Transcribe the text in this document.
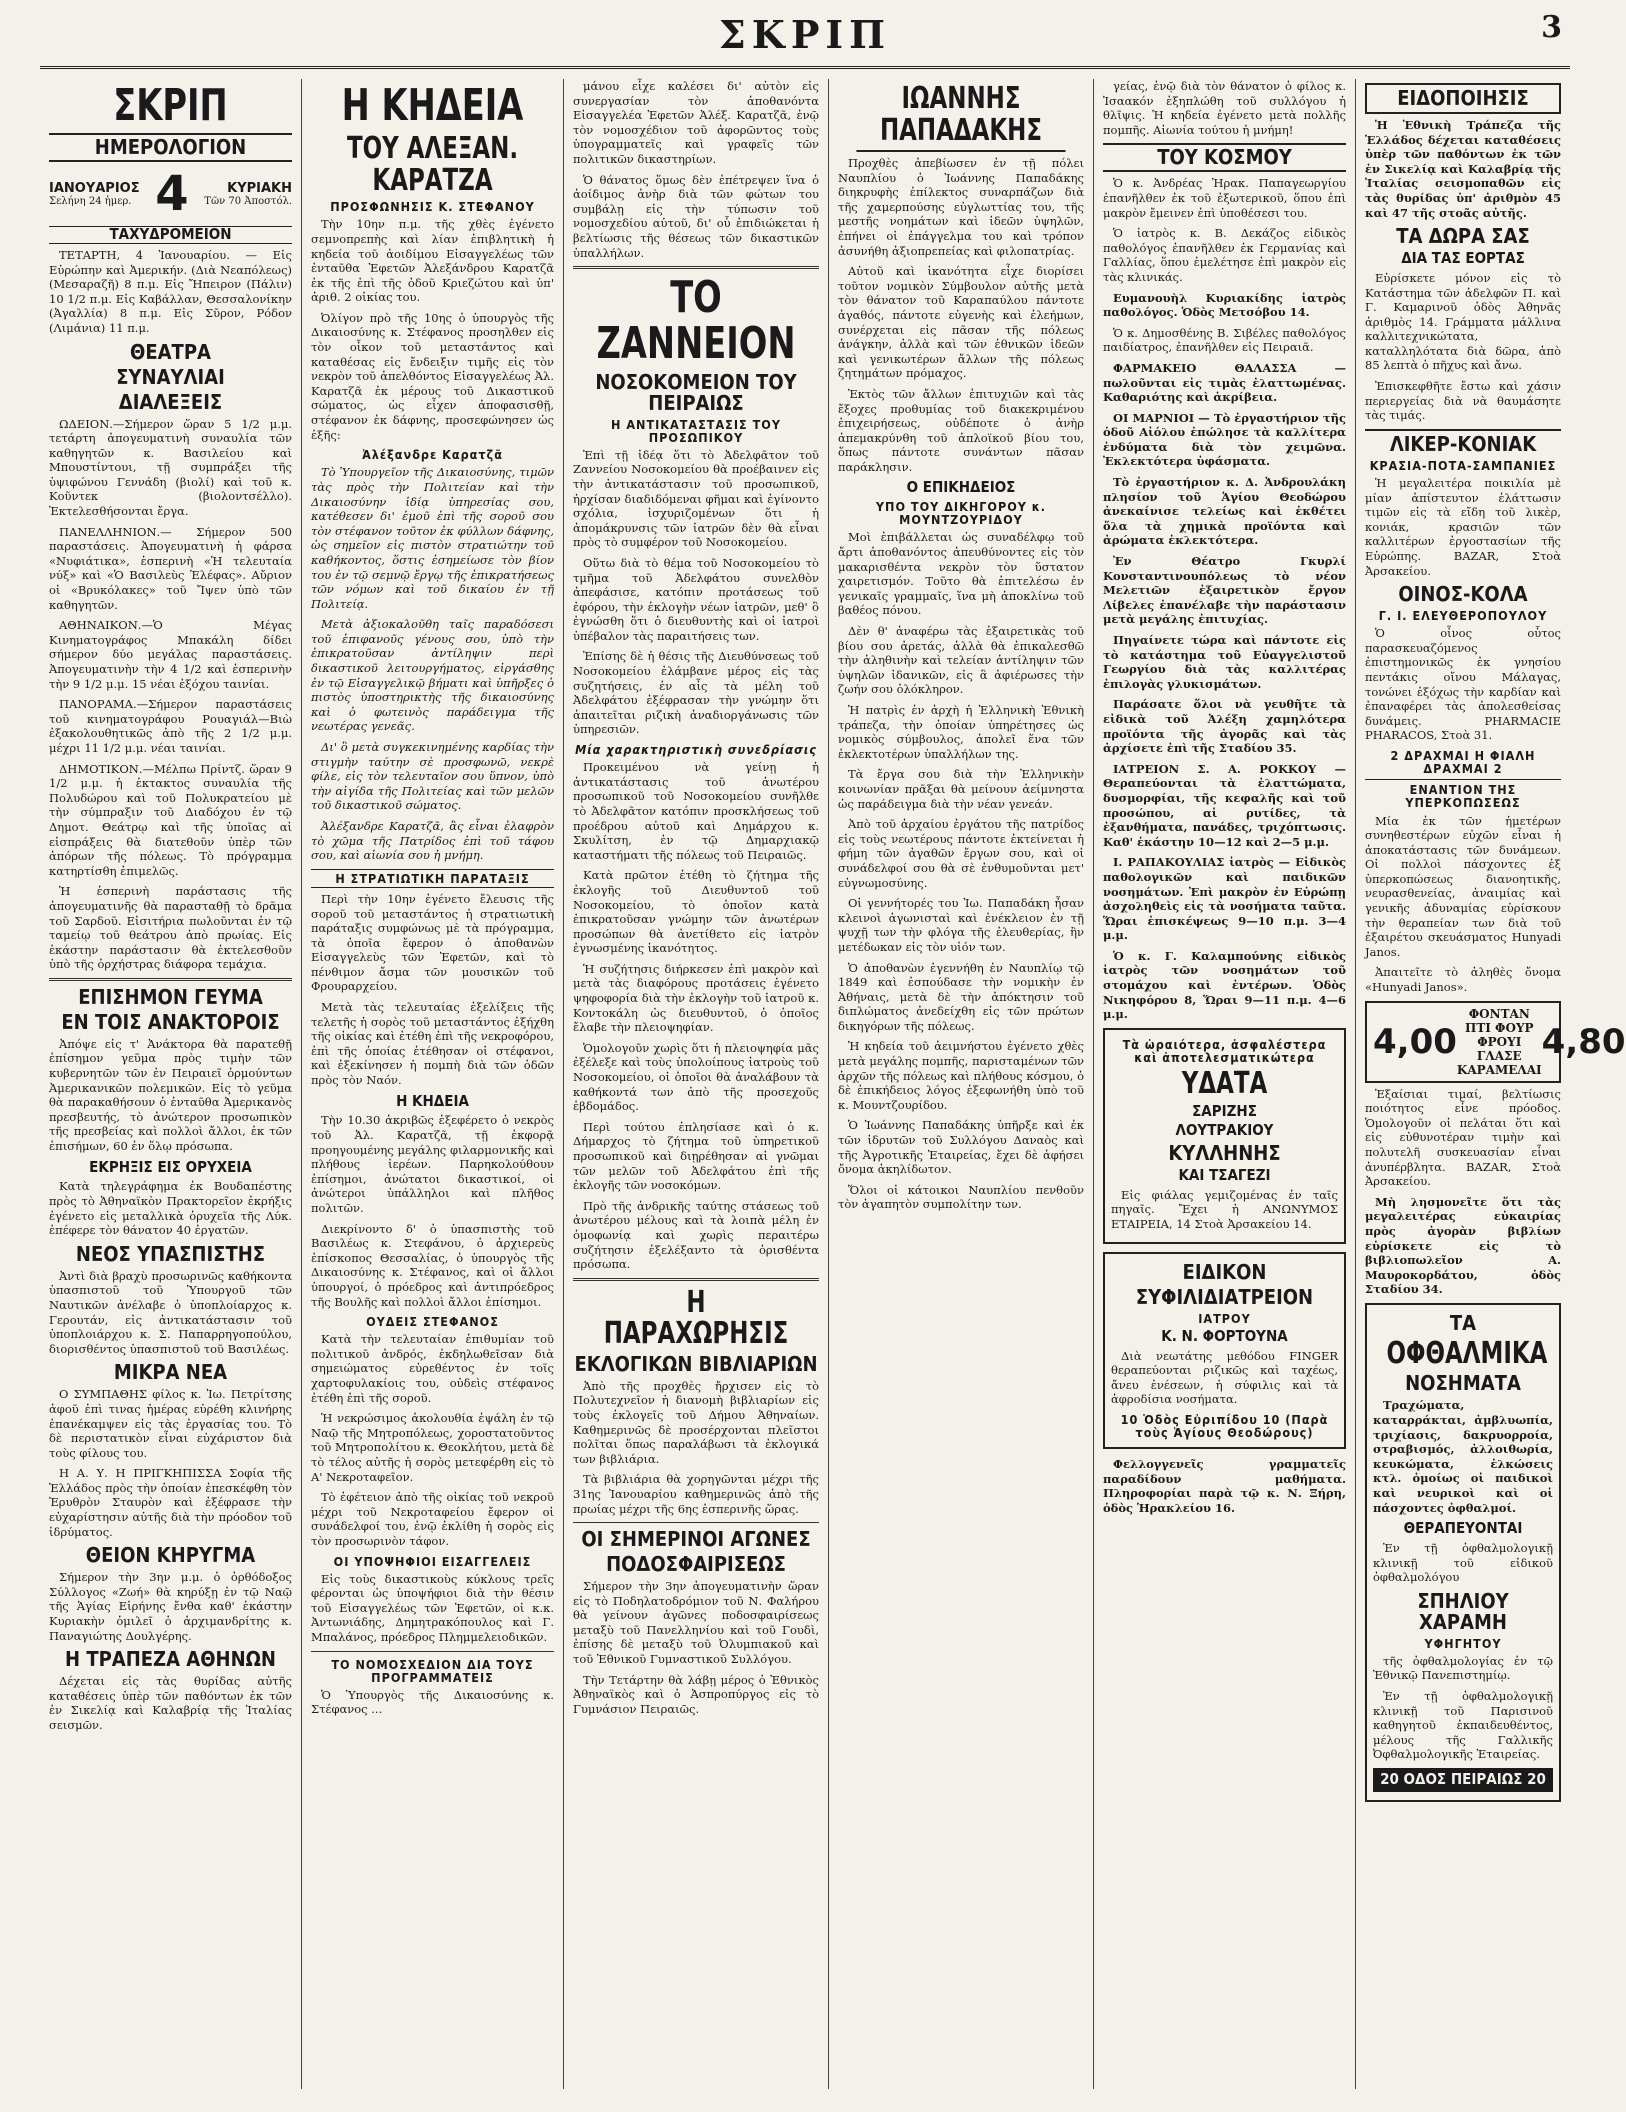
ΣΚΡΙΠ	3
ΣΚΡΙΠ
ΗΜΕΡΟΛΟΓΙΟΝ
ΙΑΝΟΥΑΡΙΟΣ
Σελήνη 24 ἡμερ. 4	ΚΥΡΙΑΚΗ
Τῶν 70 Ἀποστόλ.
ΤΑΧΥΔΡΟΜΕΙΟΝ

ΤΕΤΑΡΤΗ, 4 Ἰανουαρίου. — Εἰς Εὐρώπην καὶ Ἀμερικήν. (Διὰ Νεαπόλεως) (Μεσαραζῆ) 8 π.μ. Εἰς Ἤπειρον (Πάλιν) 10 1/2 π.μ. Εἰς Καβάλλαν, Θεσσαλονίκην (Ἀγαλλία) 8 π.μ. Εἰς Σῦρον, Ρόδον (Λιμάνια) 11 π.μ.

ΘΕΑΤΡΑ
ΣΥΝΑΥΛΙΑΙ
ΔΙΑΛΕΞΕΙΣ

ΩΔΕΙΟΝ.—Σήμερον ὥραν 5 1/2 μ.μ. τετάρτη ἀπογευματινὴ συναυλία τῶν καθηγητῶν κ. Βασιλείου καὶ Μπουστίντουι, τῇ συμπράξει τῆς ὑψιφώνου Γεννάδη (βιολί) καὶ τοῦ κ. Κοῦντεκ (βιολοντσέλλο). Ἐκτελεσθήσονται ἔργα.

ΠΑΝΕΛΛΗΝΙΟΝ.— Σήμερον 500 παραστάσεις. Ἀπογευματινὴ ἡ φάρσα «Νυφιάτικα», ἑσπερινὴ «Ἡ τελευταία νύξ» καὶ «Ὁ Βασιλεὺς Ἐλέφας». Αὔριον οἱ «Βρυκόλακες» τοῦ Ἴψεν ὑπὸ τῶν καθηγητῶν.

ΑΘΗΝΑΙΚΟΝ.—Ὁ Μέγας Κινηματογράφος Μπακάλη δίδει σήμερον δύο μεγάλας παραστάσεις. Ἀπογευματινὴν τὴν 4 1/2 καὶ ἑσπερινὴν τὴν 9 1/2 μ.μ. 15 νέαι ἐξόχου ταινίαι.

ΠΑΝΟΡΑΜΑ.—Σήμερον παραστάσεις τοῦ κινηματογράφου Ρουαγιάλ—Βιὼ ἐξακολουθητικῶς ἀπὸ τῆς 2 1/2 μ.μ. μέχρι 11 1/2 μ.μ. νέαι ταινίαι.

ΔΗΜΟΤΙΚΟΝ.—Μέλπω Πρίντζ. ὥραν 9 1/2 μ.μ. ἡ ἐκτακτος συναυλία τῆς Πολυδώρου καὶ τοῦ Πολυκρατείου μὲ τὴν σύμπραξιν τοῦ Διαδόχου ἐν τῷ Δημοτ. Θεάτρῳ καὶ τῆς ὑποῖας αἱ εἰσπράξεις θὰ διατεθοῦν ὑπὲρ τῶν ἀπόρων τῆς πόλεως. Τὸ πρόγραμμα κατηρτίσθη ἐπιμελῶς.

Ἡ ἑσπερινὴ παράστασις τῆς ἀπογευματινῆς θὰ παρασταθῇ τὸ δρᾶμα τοῦ Σαρδοῦ. Εἰσιτήρια πωλοῦνται ἐν τῷ ταμείῳ τοῦ θεάτρου ἀπὸ πρωίας. Εἰς ἑκάστην παράστασιν θὰ ἐκτελεσθοῦν ὑπὸ τῆς ὀρχήστρας διάφορα τεμάχια.

ΕΠΙΣΗΜΟΝ ΓΕΥΜΑ
ΕΝ ΤΟΙΣ ΑΝΑΚΤΟΡΟΙΣ

Ἀπόψε εἰς τ' Ἀνάκτορα θὰ παρατεθῇ ἐπίσημον γεῦμα πρὸς τιμὴν τῶν κυβερνητῶν τῶν ἐν Πειραιεῖ ὁρμούντων Ἀμερικανικῶν πολεμικῶν. Εἰς τὸ γεῦμα θὰ παρακαθήσουν ὁ ἐνταῦθα Ἀμερικανὸς πρεσβευτής, τὸ ἀνώτερον προσωπικὸν τῆς πρεσβείας καὶ πολλοὶ ἄλλοι, ἐκ τῶν ἐπισήμων, 60 ἐν ὅλῳ πρόσωπα.

ΕΚΡΗΞΙΣ ΕΙΣ ΟΡΥΧΕΙΑ

Κατὰ τηλεγράφημα ἐκ Βουδαπέστης πρὸς τὸ Ἀθηναϊκὸν Πρακτορεῖον ἐκρήξις ἐγένετο εἰς μεταλλικὰ ὀρυχεῖα τῆς Λύκ. ἐπέφερε τὸν θάνατον 40 ἐργατῶν.

ΝΕΟΣ ΥΠΑΣΠΙΣΤΗΣ

Ἀντὶ διὰ βραχὺ προσωρινῶς καθήκοντα ὑπασπιστοῦ τοῦ Ὑπουργοῦ τῶν Ναυτικῶν ἀνέλαβε ὁ ὑποπλοίαρχος κ. Γερουτάν, εἰς ἀντικατάστασιν τοῦ ὑποπλοιάρχου κ. Σ. Παπαρρηγοπούλου, διορισθέντος ὑπασπιστοῦ τοῦ Βασιλέως.

ΜΙΚΡΑ ΝΕΑ

Ο ΣΥΜΠΑΘΗΣ φίλος κ. Ἰω. Πετρίτσης ἀφοῦ ἐπὶ τινας ἡμέρας εὑρέθη κλινήρης ἐπανέκαμψεν εἰς τὰς ἐργασίας του. Τὸ δὲ περιστατικὸν εἶναι εὐχάριστον διὰ τοὺς φίλους του.

Η Α. Υ. Η ΠΡΙΓΚΗΠΙΣΣΑ Σοφία τῆς Ἑλλάδος πρὸς τὴν ὁποίαν ἐπεσκέφθη τὸν Ἐρυθρὸν Σταυρὸν καὶ ἐξέφρασε τὴν εὐχαρίστησιν αὐτῆς διὰ τὴν πρόοδον τοῦ ἱδρύματος.

ΘΕΙΟΝ ΚΗΡΥΓΜΑ

Σήμερον τὴν 3ην μ.μ. ὁ ὀρθόδοξος Σύλλογος «Ζωή» θὰ κηρύξῃ ἐν τῷ Ναῷ τῆς Ἁγίας Εἰρήνης ἔνθα καθ' ἑκάστην Κυριακὴν ὁμιλεῖ ὁ ἀρχιμανδρίτης κ. Παναγιώτης Δουλγέρης.

Η ΤΡΑΠΕΖΑ ΑΘΗΝΩΝ

Δέχεται εἰς τὰς θυρίδας αὐτῆς καταθέσεις ὑπὲρ τῶν παθόντων ἐκ τῶν ἐν Σικελίᾳ καὶ Καλαβρίᾳ τῆς Ἰταλίας σεισμῶν.

Η ΚΗΔΕΙΑ
ΤΟΥ ΑΛΕΞΑΝ. ΚΑΡΑΤΖΑ
ΠΡΟΣΦΩΝΗΣΙΣ Κ. ΣΤΕΦΑΝΟΥ

Τὴν 10ην π.μ. τῆς χθὲς ἐγένετο σεμνοπρεπὴς καὶ λίαν ἐπιβλητικὴ ἡ κηδεία τοῦ ἀοιδίμου Εἰσαγγελέως τῶν ἐνταῦθα Ἐφετῶν Ἀλεξάνδρου Καρατζᾶ ἐκ τῆς ἐπὶ τῆς ὁδοῦ Κριεζώτου καὶ ὑπ' ἀριθ. 2 οἰκίας του.

Ὀλίγον πρὸ τῆς 10ης ὁ ὑπουργὸς τῆς Δικαιοσύνης κ. Στέφανος προσηλθεν εἰς τὸν οἶκον τοῦ μεταστάντος καὶ καταθέσας εἰς ἔνδειξιν τιμῆς εἰς τὸν νεκρὸν τοῦ ἀπελθόντος Εἰσαγγελέως Ἀλ. Καρατζᾶ ἐκ μέρους τοῦ Δικαστικοῦ σώματος, ὡς εἶχεν ἀποφασισθῇ, στέφανον ἐκ δάφνης, προσεφώνησεν ὡς ἑξῆς:

Ἀλέξανδρε Καρατζᾶ

Τὸ Ὑπουργεῖον τῆς Δικαιοσύνης, τιμῶν τὰς πρὸς τὴν Πολιτείαν καὶ τὴν Δικαιοσύνην ἰδίᾳ ὑπηρεσίας σου, κατέθεσεν δι' ἐμοῦ ἐπὶ τῆς σοροῦ σου τὸν στέφανον τοῦτον ἐκ φύλλων δάφνης, ὡς σημεῖον εἰς πιστὸν στρατιώτην τοῦ καθήκοντος, ὅστις ἐσημείωσε τὸν βίον του ἐν τῷ σεμνῷ ἔργῳ τῆς ἐπικρατήσεως τῶν νόμων καὶ τοῦ δικαίου ἐν τῇ Πολιτείᾳ.

Μετὰ ἀξιοκαλοῦθη ταῖς παραδόσεσι τοῦ ἐπιφανοῦς γένους σου, ὑπὸ τὴν ἐπικρατοῦσαν ἀντίληψιν περὶ δικαστικοῦ λειτουργήματος, εἰργάσθης ἐν τῷ Εἰσαγγελικῷ βήματι καὶ ὑπῆρξες ὁ πιστὸς ὑποστηρικτὴς τῆς δικαιοσύνης καὶ ὁ φωτεινὸς παράδειγμα τῆς νεωτέρας γενεᾶς.

Δι' ὃ μετὰ συγκεκινημένης καρδίας τὴν στιγμὴν ταύτην σὲ προσφωνῶ, νεκρὲ φίλε, εἰς τὸν τελευταῖον σου ὕπνον, ὑπὸ τὴν αἰγίδα τῆς Πολιτείας καὶ τῶν μελῶν τοῦ δικαστικοῦ σώματος.

Ἀλέξανδρε Καρατζᾶ, ἂς εἶναι ἐλαφρὸν τὸ χῶμα τῆς Πατρίδος ἐπὶ τοῦ τάφου σου, καὶ αἰωνία σου ἡ μνήμη.

Η ΣΤΡΑΤΙΩΤΙΚΗ ΠΑΡΑΤΑΞΙΣ

Περὶ τὴν 10ην ἐγένετο ἔλευσις τῆς σοροῦ τοῦ μεταστάντος ἡ στρατιωτικὴ παράταξις συμφώνως μὲ τὰ πρόγραμμα, τὰ ὁποῖα ἔφερον ὁ ἀποθανὼν Εἰσαγγελεὺς τῶν Ἐφετῶν, καὶ τὸ πένθιμον ἄσμα τῶν μουσικῶν τοῦ Φρουραρχείου.

Μετὰ τὰς τελευταίας ἐξελίξεις τῆς τελετῆς ἡ σορὸς τοῦ μεταστάντος ἐξήχθη τῆς οἰκίας καὶ ἐτέθη ἐπὶ τῆς νεκροφόρου, ἐπὶ τῆς ὁποίας ἐτέθησαν οἱ στέφανοι, καὶ ἐξεκίνησεν ἡ πομπὴ διὰ τῶν ὁδῶν πρὸς τὸν Ναόν.

Η ΚΗΔΕΙΑ

Τὴν 10.30 ἀκριβῶς ἐξεφέρετο ὁ νεκρὸς τοῦ Ἀλ. Καρατζᾶ, τῇ ἐκφορᾷ προηγουμένης μεγάλης φιλαρμονικῆς καὶ πλήθους ἱερέων. Παρηκολούθουν ἐπίσημοι, ἀνώτατοι δικαστικοί, οἱ ἀνώτεροι ὑπάλληλοι καὶ πλῆθος πολιτῶν.

Διεκρίνοντο δ' ὁ ὑπασπιστὴς τοῦ Βασιλέως κ. Στεφάνου, ὁ ἀρχιερεὺς ἐπίσκοπος Θεσσαλίας, ὁ ὑπουργὸς τῆς Δικαιοσύνης κ. Στέφανος, καὶ οἱ ἄλλοι ὑπουργοί, ὁ πρόεδρος καὶ ἀντιπρόεδρος τῆς Βουλῆς καὶ πολλοὶ ἄλλοι ἐπίσημοι.

ΟΥΔΕΙΣ ΣΤΕΦΑΝΟΣ

Κατὰ τὴν τελευταίαν ἐπιθυμίαν τοῦ πολιτικοῦ ἀνδρός, ἐκδηλωθεῖσαν διὰ σημειώματος εὑρεθέντος ἐν τοῖς χαρτοφυλακίοις του, οὐδεὶς στέφανος ἐτέθη ἐπὶ τῆς σοροῦ.

Ἡ νεκρώσιμος ἀκολουθία ἐψάλη ἐν τῷ Ναῷ τῆς Μητροπόλεως, χοροστατοῦντος τοῦ Μητροπολίτου κ. Θεοκλήτου, μετὰ δὲ τὸ τέλος αὐτῆς ἡ σορὸς μετεφέρθη εἰς τὸ Α' Νεκροταφεῖον.

Τὸ ἐφέτειον ἀπὸ τῆς οἰκίας τοῦ νεκροῦ μέχρι τοῦ Νεκροταφείου ἔφερον οἱ συνάδελφοί του, ἐνῷ ἐκλίθη ἡ σορὸς εἰς τὸν προσωρινὸν τάφον.

ΟΙ ΥΠΟΨΗΦΙΟΙ ΕΙΣΑΓΓΕΛΕΙΣ

Εἰς τοὺς δικαστικοὺς κύκλους τρεῖς φέρονται ὡς ὑποψήφιοι διὰ τὴν θέσιν τοῦ Εἰσαγγελέως τῶν Ἐφετῶν, οἱ κ.κ. Ἀντωνιάδης, Δημητρακόπουλος καὶ Γ. Μπαλάνος, πρόεδρος Πλημμελειοδικῶν.

ΤΟ ΝΟΜΟΣΧΕΔΙΟΝ ΔΙΑ ΤΟΥΣ ΠΡΟΓΡΑΜΜΑΤΕΙΣ

Ὁ Ὑπουργὸς τῆς Δικαιοσύνης κ. Στέφανος ...

μάνου εἶχε καλέσει δι' αὐτὸν εἰς συνεργασίαν τὸν ἀποθανόντα Εἰσαγγελέα Ἐφετῶν Ἀλέξ. Καρατζᾶ, ἐνῷ τὸν νομοσχέδιον τοῦ ἀφορῶντος τοὺς ὑπογραμματεῖς καὶ γραφεῖς τῶν πολιτικῶν δικαστηρίων.

Ὁ θάνατος ὅμως δὲν ἐπέτρεψεν ἵνα ὁ ἀοίδιμος ἀνὴρ διὰ τῶν φώτων του συμβάλῃ εἰς τὴν τύπωσιν τοῦ νομοσχεδίου αὐτοῦ, δι' οὗ ἐπιδιώκεται ἡ βελτίωσις τῆς θέσεως τῶν δικαστικῶν ὑπαλλήλων.

ΤΟ ΖΑΝΝΕΙΟΝ
ΝΟΣΟΚΟΜΕΙΟΝ ΤΟΥ ΠΕΙΡΑΙΩΣ
Η ΑΝΤΙΚΑΤΑΣΤΑΣΙΣ ΤΟΥ ΠΡΟΣΩΠΙΚΟΥ

Ἐπὶ τῇ ἰδέᾳ ὅτι τὸ Ἀδελφᾶτον τοῦ Ζαννείου Νοσοκομείου θὰ προέβαινεν εἰς τὴν ἀντικατάστασιν τοῦ προσωπικοῦ, ἠρχίσαν διαδιδόμεναι φῆμαι καὶ ἐγίνοντο σχόλια, ἰσχυριζομένων ὅτι ἡ ἀπομάκρυνσις τῶν ἰατρῶν δὲν θὰ εἶναι πρὸς τὸ συμφέρον τοῦ Νοσοκομείου.

Οὕτω διὰ τὸ θέμα τοῦ Νοσοκομείου τὸ τμῆμα τοῦ Ἀδελφάτου συνελθὸν ἀπεφάσισε, κατόπιν προτάσεως τοῦ ἐφόρου, τὴν ἐκλογὴν νέων ἰατρῶν, μεθ' ὃ ἐγνώσθη ὅτι ὁ διευθυντὴς καὶ οἱ ἰατροὶ ὑπέβαλον τὰς παραιτήσεις των.

Ἐπίσης δὲ ἡ θέσις τῆς Διευθύνσεως τοῦ Νοσοκομείου ἐλάμβανε μέρος εἰς τὰς συζητήσεις, ἐν αἷς τὰ μέλη τοῦ Ἀδελφάτου ἐξέφρασαν τὴν γνώμην ὅτι ἀπαιτεῖται ριζικὴ ἀναδιοργάνωσις τῶν ὑπηρεσιῶν.

Μία χαρακτηριστικὴ συνεδρίασις

Προκειμένου νὰ γείνῃ ἡ ἀντικατάστασις τοῦ ἀνωτέρου προσωπικοῦ τοῦ Νοσοκομείου συνῆλθε τὸ Ἀδελφᾶτον κατόπιν προσκλήσεως τοῦ προέδρου αὐτοῦ καὶ Δημάρχου κ. Σκυλίτση, ἐν τῷ Δημαρχιακῷ καταστήματι τῆς πόλεως τοῦ Πειραιῶς.

Κατὰ πρῶτον ἐτέθη τὸ ζήτημα τῆς ἐκλογῆς τοῦ Διευθυντοῦ τοῦ Νοσοκομείου, τὸ ὁποῖον κατὰ ἐπικρατοῦσαν γνώμην τῶν ἀνωτέρων προσώπων θὰ ἀνετίθετο εἰς ἰατρὸν ἐγνωσμένης ἱκανότητος.

Ἡ συζήτησις διήρκεσεν ἐπὶ μακρὸν καὶ μετὰ τὰς διαφόρους προτάσεις ἐγένετο ψηφοφορία διὰ τὴν ἐκλογὴν τοῦ ἰατροῦ κ. Κοντοκάλη ὡς διευθυντοῦ, ὁ ὁποῖος ἔλαβε τὴν πλειοψηφίαν.

Ὁμολογοῦν χωρὶς ὅτι ἡ πλειοψηφία μᾶς ἐξέλεξε καὶ τοὺς ὑπολοίπους ἰατροὺς τοῦ Νοσοκομείου, οἱ ὁποῖοι θὰ ἀναλάβουν τὰ καθήκοντά των ἀπὸ τῆς προσεχοῦς ἑβδομάδος.

Περὶ τούτου ἐπλησίασε καὶ ὁ κ. Δήμαρχος τὸ ζήτημα τοῦ ὑπηρετικοῦ προσωπικοῦ καὶ διῃρέθησαν αἱ γνῶμαι τῶν μελῶν τοῦ Ἀδελφάτου ἐπὶ τῆς ἐκλογῆς τῶν νοσοκόμων.

Πρὸ τῆς ἀνδρικῆς ταύτης στάσεως τοῦ ἀνωτέρου μέλους καὶ τὰ λοιπὰ μέλη ἐν ὁμοφωνίᾳ καὶ χωρὶς περαιτέρω συζήτησιν ἐξελέξαντο τὰ ὁρισθέντα πρόσωπα.

Η ΠΑΡΑΧΩΡΗΣΙΣ
ΕΚΛΟΓΙΚΩΝ ΒΙΒΛΙΑΡΙΩΝ

Ἀπὸ τῆς προχθὲς ἤρχισεν εἰς τὸ Πολυτεχνεῖον ἡ διανομὴ βιβλιαρίων εἰς τοὺς ἐκλογεῖς τοῦ Δήμου Ἀθηναίων. Καθημερινῶς δὲ προσέρχονται πλεῖστοι πολῖται ὅπως παραλάβωσι τὰ ἐκλογικά των βιβλιάρια.

Τὰ βιβλιάρια θὰ χορηγῶνται μέχρι τῆς 31ης Ἰανουαρίου καθημερινῶς ἀπὸ τῆς πρωίας μέχρι τῆς 6ης ἑσπερινῆς ὥρας.

ΟΙ ΣΗΜΕΡΙΝΟΙ ΑΓΩΝΕΣ
ΠΟΔΟΣΦΑΙΡΙΣΕΩΣ

Σήμερον τὴν 3ην ἀπογευματινὴν ὥραν εἰς τὸ Ποδηλατοδρόμιον τοῦ Ν. Φαλήρου θὰ γείνουν ἀγῶνες ποδοσφαιρίσεως μεταξὺ τοῦ Πανελληνίου καὶ τοῦ Γουδὶ, ἐπίσης δὲ μεταξὺ τοῦ Ὀλυμπιακοῦ καὶ τοῦ Ἐθνικοῦ Γυμναστικοῦ Συλλόγου.

Τὴν Τετάρτην θὰ λάβῃ μέρος ὁ Ἐθνικὸς Ἀθηναϊκὸς καὶ ὁ Ἀσπροπύργος εἰς τὸ Γυμνάσιον Πειραιῶς.

ΙΩΑΝΝΗΣ ΠΑΠΑΔΑΚΗΣ

Προχθὲς ἀπεβίωσεν ἐν τῇ πόλει Ναυπλίου ὁ Ἰωάννης Παπαδάκης διηκρυφὴς ἐπίλεκτος συναρπάζων διὰ τῆς χαμερπούσης εὐγλωττίας του, τῆς μεστῆς νοημάτων καὶ ἰδεῶν ὑψηλῶν, ἐπήνει οἱ ἐπάγγελμα του καὶ τρόπον ἀσυνήθη ἀξιοπρεπείας καὶ φιλοπατρίας.

Αὐτοῦ καὶ ἱκανότητα εἶχε διορίσει τοῦτον νομικὸν Σύμβουλον αὐτῆς μετὰ τὸν θάνατον τοῦ Καραπαύλου πάντοτε ἀγαθός, πάντοτε εὐγενὴς καὶ ἐλεήμων, συνέρχεται εἰς πᾶσαν τῆς πόλεως ἀνάγκην, ἀλλὰ καὶ τῶν ἐθνικῶν ἰδεῶν καὶ γενικωτέρων ἄλλων τῆς πόλεως ζητημάτων πρόμαχος.

Ἐκτὸς τῶν ἄλλων ἐπιτυχιῶν καὶ τὰς ἔξοχες προθυμίας τοῦ διακεκριμένου ἐπιχειρήσεως, οὐδέποτε ὁ ἀνὴρ ἀπεμακρύνθη τοῦ ἀπλοϊκοῦ βίου του, ὅπως πάντοτε συνάντων πᾶσαν παράκλησιν.

Ο ΕΠΙΚΗΔΕΙΟΣ
ΥΠΟ ΤΟΥ ΔΙΚΗΓΟΡΟΥ κ. ΜΟΥΝΤΖΟΥΡΙΔΟΥ

Μοὶ ἐπιβάλλεται ὡς συναδέλφῳ τοῦ ἄρτι ἀποθανόντος ἀπευθύνοντες εἰς τὸν μακαρισθέντα νεκρὸν τὸν ὕστατον χαιρετισμόν. Τοῦτο θὰ ἐπιτελέσω ἐν γενικαῖς γραμμαῖς, ἵνα μὴ ἀποκλίνω τοῦ βαθέος πόνου.

Δὲν θ' ἀναφέρω τὰς ἐξαιρετικὰς τοῦ βίου σου ἀρετάς, ἀλλὰ θὰ ἐπικαλεσθῶ τὴν ἀληθινὴν καὶ τελείαν ἀντίληψιν τῶν ὑψηλῶν ἰδανικῶν, εἰς ἃ ἀφιέρωσες τὴν ζωήν σου ὁλόκληρον.

Ἡ πατρὶς ἐν ἀρχὴ ἡ Ἑλληνικὴ Ἐθνικὴ τράπεζα, τὴν ὁποίαν ὑπηρέτησες ὡς νομικὸς σύμβουλος, ἀπολεῖ ἕνα τῶν ἐκλεκτοτέρων ὑπαλλήλων της.

Τὰ ἔργα σου διὰ τὴν Ἐλληνικὴν κοινωνίαν πρᾶξαι θὰ μείνουν ἀείμνηστα ὡς παράδειγμα διὰ τὴν νέαν γενεάν.

Ἀπὸ τοῦ ἀρχαίου ἐργάτου τῆς πατρίδος εἰς τοὺς νεωτέρους πάντοτε ἐκτείνεται ἡ φήμη τῶν ἀγαθῶν ἔργων σου, καὶ οἱ συνάδελφοί σου θὰ σὲ ἐνθυμοῦνται μετ' εὐγνωμοσύνης.

Οἱ γεννήτορές του Ἰω. Παπαδάκη ἦσαν κλεινοὶ ἀγωνισταὶ καὶ ἐνέκλειον ἐν τῇ ψυχῇ των τὴν φλόγα τῆς ἐλευθερίας, ἢν μετέδωκαν εἰς τὸν υἱόν των.

Ὁ ἀποθανὼν ἐγεννήθη ἐν Ναυπλίῳ τῷ 1849 καὶ ἐσπούδασε τὴν νομικὴν ἐν Ἀθήναις, μετὰ δὲ τὴν ἀπόκτησιν τοῦ διπλώματος ἀνεδείχθη εἰς τῶν πρώτων δικηγόρων τῆς πόλεως.

Ἡ κηδεία τοῦ ἀειμνήστου ἐγένετο χθὲς μετὰ μεγάλης πομπῆς, παρισταμένων τῶν ἀρχῶν τῆς πόλεως καὶ πλήθους κόσμου, ὁ δὲ ἐπικήδειος λόγος ἐξεφωνήθη ὑπὸ τοῦ κ. Μουντζουρίδου.

Ὁ Ἰωάννης Παπαδάκης ὑπῆρξε καὶ ἐκ τῶν ἱδρυτῶν τοῦ Συλλόγου Δαναὸς καὶ τῆς Ἀγροτικῆς Ἑταιρείας, ἔχει δὲ ἀφήσει ὄνομα ἀκηλίδωτον.

Ὅλοι οἱ κάτοικοι Ναυπλίου πενθοῦν τὸν ἀγαπητὸν συμπολίτην των.

γείας, ἐνῷ διὰ τὸν θάνατον ὁ φίλος κ. Ἰσαακόν ἐξηπλώθη τοῦ συλλόγου ἡ θλῖψις. Ἡ κηδεία ἐγένετο μετὰ πολλῆς πομπῆς. Αἰωνία τούτου ἡ μνήμη!

ΤΟΥ ΚΟΣΜΟΥ

Ὁ κ. Ἀνδρέας Ἠρακ. Παπαγεωργίου ἐπανῆλθεν ἐκ τοῦ ἐξωτερικοῦ, ὅπου ἐπὶ μακρὸν ἔμεινεν ἐπὶ ὑποθέσεσι του.

Ὁ ἰατρὸς κ. Β. Δεκάζος εἰδικὸς παθολόγος ἐπανῆλθεν ἐκ Γερμανίας καὶ Γαλλίας, ὅπου ἐμελέτησε ἐπὶ μακρὸν εἰς τὰς κλινικάς.

Ευμανουὴλ Κυριακίδης ἰατρὸς παθολόγος. Ὁδὸς Μετσόβου 14.

Ὁ κ. Δημοσθένης Β. Σιβέλες παθολόγος παιδίατρος, ἐπανῆλθεν εἰς Πειραιᾶ.

ΦΑΡΜΑΚΕΙΟ ΘΑΛΑΣΣΑ — πωλοῦνται εἰς τιμὰς ἐλαττωμένας. Καθαριότης καὶ ἀκρίβεια.

ΟΙ ΜΑΡΝΙΟΙ — Τὸ ἐργαστήριον τῆς ὁδοῦ Αἰόλου ἐπώλησε τὰ καλλίτερα ἐνδύματα διὰ τὸν χειμῶνα. Ἐκλεκτότερα ὑφάσματα.

Τὸ ἐργαστήριον κ. Δ. Ἀνδρουλάκη πλησίον τοῦ Ἁγίου Θεοδώρου ἀνεκαίνισε τελείως καὶ ἐκθέτει ὅλα τὰ χημικὰ προϊόντα καὶ ἀρώματα ἐκλεκτότερα.

Ἐν Θέατρο Γκυρλί Κονσταντινουπόλεως τὸ νέον Μελετιῶν ἐξαιρετικὸν ἔργον Λίβελες ἐπανέλαβε τὴν παράστασιν μετὰ μεγάλης ἐπιτυχίας.

Πηγαίνετε τώρα καὶ πάντοτε εἰς τὸ κατάστημα τοῦ Εὐαγγελιστοῦ Γεωργίου διὰ τὰς καλλιτέρας ἐπιλογὰς γλυκισμάτων.

Παράσατε ὅλοι νὰ γευθῆτε τὰ εἰδικὰ τοῦ Ἀλέξη χαμηλότερα προϊόντα τῆς ἀγορᾶς καὶ τὰς ἀρχίσετε ἐπὶ τῆς Σταδίου 35.

ΙΑΤΡΕΙΟΝ Σ. Α. ΡΟΚΚΟΥ — Θεραπεύονται τὰ ἐλαττώματα, δυσμορφίαι, τῆς κεφαλῆς καὶ τοῦ προσώπου, αἱ ρυτίδες, τὰ ἐξανθήματα, πανάδες, τριχόπτωσις. Καθ' ἑκάστην 10—12 καὶ 2—5 μ.μ.

Ι. ΡΑΠΑΚΟΥΛΙΑΣ ἰατρὸς — Εἰδικὸς παθολογικῶν καὶ παιδικῶν νοσημάτων. Ἐπὶ μακρὸν ἐν Εὐρώπῃ ἀσχοληθεὶς εἰς τὰ νοσήματα ταῦτα. Ὥραι ἐπισκέψεως 9—10 π.μ. 3—4 μ.μ.

Ὁ κ. Γ. Καλαμπούνης εἰδικὸς ἰατρὸς τῶν νοσημάτων τοῦ στομάχου καὶ ἐντέρων. Ὁδὸς Νικηφόρου 8, Ὥραι 9—11 π.μ. 4—6 μ.μ.

Τὰ ὡραιότερα, ἀσφαλέστερα καὶ ἀποτελεσματικώτερα
ΥΔΑΤΑ
ΣΑΡΙΖΗΣ
ΛΟΥΤΡΑΚΙΟΥ
ΚΥΛΛΗΝΗΣ
ΚΑΙ ΤΣΑΓΕΖΙ

Εἰς φιάλας γεμιζομένας ἐν ταῖς πηγαῖς. Ἔχει ἡ ΑΝΩΝΥΜΟΣ ΕΤΑΙΡΕΙΑ, 14 Στοὰ Ἀρσακείου 14.

ΕΙΔΙΚΟΝ
ΣΥΦΙΛΙΔΙΑΤΡΕΙΟΝ
ΙΑΤΡΟΥ
Κ. Ν. ΦΟΡΤΟΥΝΑ

Διὰ νεωτάτης μεθόδου FINGER θεραπεύονται ριζικῶς καὶ ταχέως, ἄνευ ἐνέσεων, ἡ σύφιλις καὶ τὰ ἀφροδίσια νοσήματα.

10 Ὁδὸς Εὐριπίδου 10 (Παρὰ τοὺς Ἁγίους Θεοδώρους)

Φελλογγενεῖς γραμματεῖς παραδίδουν μαθήματα. Πληροφορίαι παρὰ τῷ κ. Ν. Ξήρη, ὁδὸς Ἡρακλείου 16.

ΕΙΔΟΠΟΙΗΣΙΣ

Ἡ Ἐθνικὴ Τράπεζα τῆς Ἑλλάδος δέχεται καταθέσεις ὑπὲρ τῶν παθόντων ἐκ τῶν ἐν Σικελίᾳ καὶ Καλαβρίᾳ τῆς Ἰταλίας σεισμοπαθῶν εἰς τὰς θυρίδας ὑπ' ἀριθμὸν 45 καὶ 47 τῆς στοᾶς αὐτῆς.

ΤΑ ΔΩΡΑ ΣΑΣ
ΔΙΑ ΤΑΣ ΕΟΡΤΑΣ

Εὑρίσκετε μόνον εἰς τὸ Κατάστημα τῶν ἀδελφῶν Π. καὶ Γ. Καμαρινοῦ ὁδὸς Ἀθηνᾶς ἀριθμὸς 14. Γράμματα μάλλινα καλλιτεχνικώτατα, καταλληλότατα διὰ δῶρα, ἀπὸ 85 λεπτὰ ὁ πῆχυς καὶ ἄνω.

Ἐπισκεφθῆτε ἔστω καὶ χάσιν περιεργείας διὰ νὰ θαυμάσητε τὰς τιμάς.

ΛΙΚΕΡ-ΚΟΝΙΑΚ
ΚΡΑΣΙΑ-ΠΟΤΑ-ΣΑΜΠΑΝΙΕΣ

Ἡ μεγαλειτέρα ποικιλία μὲ μίαν ἀπίστευτον ἐλάττωσιν τιμῶν εἰς τὰ εἴδη τοῦ λικὲρ, κονιάκ, κρασιῶν τῶν καλλιτέρων ἐργοστασίων τῆς Εὐρώπης. BAZAR, Στοὰ Ἀρσακείου.

ΟΙΝΟΣ-ΚΟΛΑ
Γ. Ι. ΕΛΕΥΘΕΡΟΠΟΥΛΟΥ

Ὁ οἶνος οὗτος παρασκευαζόμενος ἐπιστημονικῶς ἐκ γνησίου πεντάκις οἴνου Μάλαγας, τονώνει ἐξόχως τὴν καρδίαν καὶ ἐπαναφέρει τὰς ἀπολεσθείσας δυνάμεις. PHARMACIE PHARACOS, Στοὰ 31.

2 ΔΡΑΧΜΑΙ Η ΦΙΑΛΗ ΔΡΑΧΜΑΙ 2
ΕΝΑΝΤΙΟΝ ΤΗΣ ΥΠΕΡΚΟΠΩΣΕΩΣ

Μία ἐκ τῶν ἡμετέρων συνηθεστέρων εὐχῶν εἶναι ἡ ἀποκατάστασις τῶν δυνάμεων. Οἱ πολλοὶ πάσχοντες ἐξ ὑπερκοπώσεως διανοητικῆς, νευρασθενείας, ἀναιμίας καὶ γενικῆς ἀδυναμίας εὑρίσκουν τὴν θεραπείαν των διὰ τοῦ ἐξαιρέτου σκευάσματος Hunyadi Janos.

Ἀπαιτεῖτε τὸ ἀληθὲς ὄνομα «Hunyadi Janos».

4,00
ΦΟΝΤΑΝ
ΠΤΙ ΦΟΥΡ
ΦΡΟΥΙ ΓΛΑΣΕ
ΚΑΡΑΜΕΛΑΙ
4,80

Ἐξαίσιαι τιμαί, βελτίωσις ποιότητος εἶνε πρόοδος. Ὁμολογοῦν οἱ πελάται ὅτι καὶ εἰς εὐθυνοτέραν τιμὴν καὶ πολυτελῆ συσκευασίαν εἶναι ἀνυπέρβλητα. BAZAR, Στοὰ Ἀρσακείου.

Μὴ λησμονεῖτε ὅτι τὰς μεγαλειτέρας εὐκαιρίας πρὸς ἀγορὰν βιβλίων εὑρίσκετε εἰς τὸ βιβλιοπωλεῖον Α. Μαυροκορδάτου, ὁδὸς Σταδίου 34.

ΤΑ
ΟΦΘΑΛΜΙΚΑ
ΝΟΣΗΜΑΤΑ

Τραχώματα, καταρράκται, ἀμβλυωπία, τριχίασις, δακρυορροία, στραβισμός, ἀλλοιθωρία, κευκώματα, ἐλκώσεις κτλ. ὁμοίως οἱ παιδικοὶ καὶ νευρικοὶ καὶ οἱ πάσχοντες ὀφθαλμοί.

ΘΕΡΑΠΕΥΟΝΤΑΙ

Ἐν τῇ ὀφθαλμολογικῇ κλινικῇ τοῦ εἰδικοῦ ὀφθαλμολόγου

ΣΠΗΛΙΟΥ ΧΑΡΑΜΗ
ΥΦΗΓΗΤΟΥ

τῆς ὀφθαλμολογίας ἐν τῷ Ἐθνικῷ Πανεπιστημίῳ.

Ἐν τῇ ὀφθαλμολογικῇ κλινικῇ τοῦ Παρισινοῦ καθηγητοῦ ἐκπαιδευθέντος, μέλους τῆς Γαλλικῆς Ὀφθαλμολογικῆς Ἑταιρείας.

20 ΟΔΟΣ ΠΕΙΡΑΙΩΣ 20
